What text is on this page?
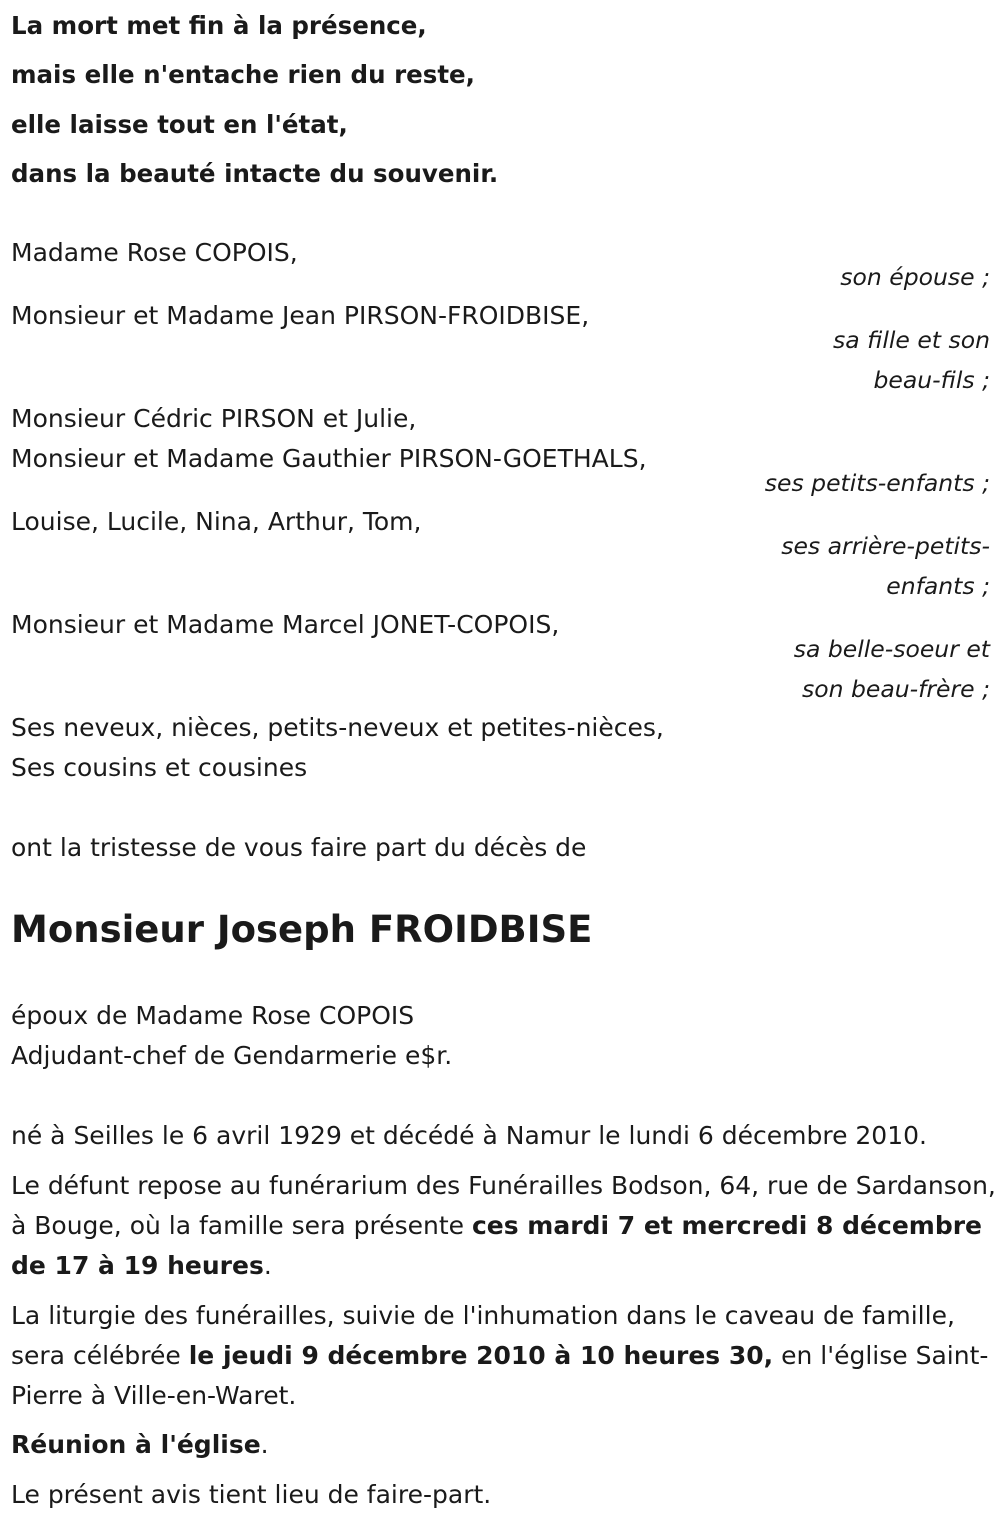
La mort met fin à la présence,

mais elle n'entache rien du reste,

elle laisse tout en l'état,

dans la beauté intacte du souvenir.

Madame Rose COPOIS,

son épouse ;

Monsieur et Madame Jean PIRSON-FROIDBISE,

sa fille et son

beau-fils ;

Monsieur Cédric PIRSON et Julie,

Monsieur et Madame Gauthier PIRSON-GOETHALS,

ses petits-enfants ;

Louise, Lucile, Nina, Arthur, Tom,

ses arrière-petits-

enfants ;

Monsieur et Madame Marcel JONET-COPOIS,

sa belle-soeur et

son beau-frère ;

Ses neveux, nièces, petits-neveux et petites-nièces,

Ses cousins et cousines

ont la tristesse de vous faire part du décès de

Monsieur Joseph FROIDBISE

époux de Madame Rose COPOIS

Adjudant-chef de Gendarmerie e$r.

né à Seilles le 6 avril 1929 et décédé à Namur le lundi 6 décembre 2010.

Le défunt repose au funérarium des Funérailles Bodson, 64, rue de Sardanson, à Bouge, où la famille sera présente ces mardi 7 et mercredi 8 décembre de 17 à 19 heures.

La liturgie des funérailles, suivie de l'inhumation dans le caveau de famille, sera célébrée le jeudi 9 décembre 2010 à 10 heures 30, en l'église Saint-Pierre à Ville-en-Waret.

Réunion à l'église.

Le présent avis tient lieu de faire-part.
